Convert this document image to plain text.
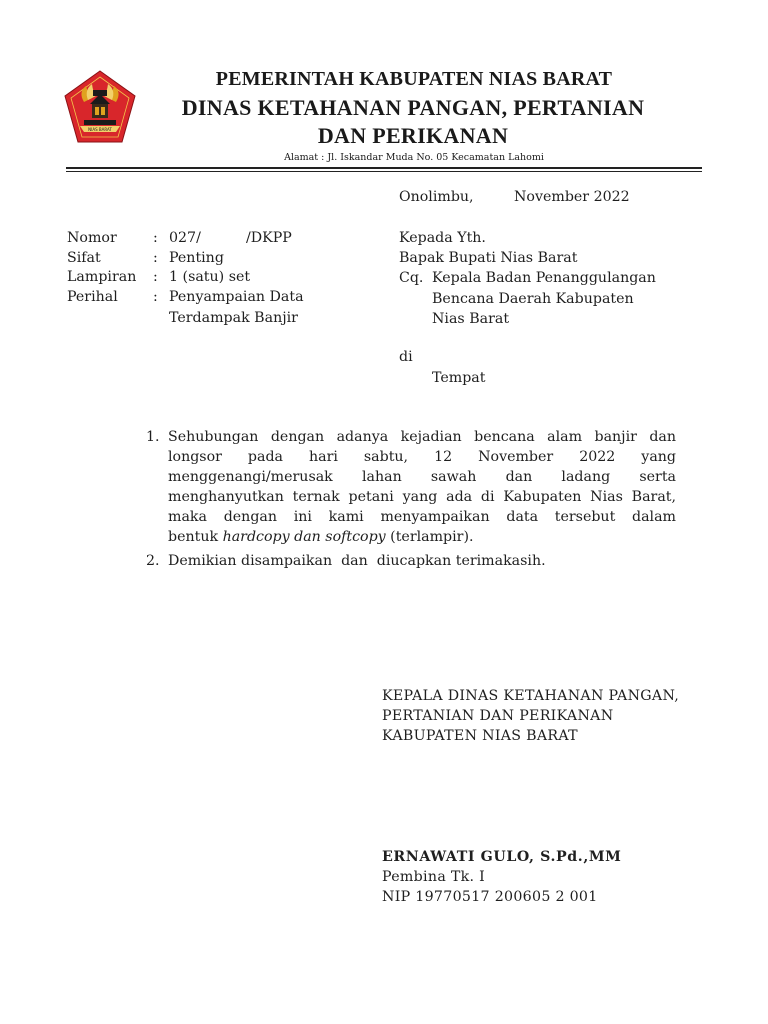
NIAS BARAT
PEMERINTAH KABUPATEN NIAS BARAT
DINAS KETAHANAN PANGAN, PERTANIAN
DAN PERIKANAN
Alamat : Jl. Iskandar Muda No. 05 Kecamatan Lahomi
Onolimbu,	November 2022
Nomor	: 027/          /DKPP
Sifat	: Penting
Lampiran	: 1 (satu) set
Perihal	: Penyampaian Data
Terdampak Banjir
Kepada Yth.
Bapak Bupati Nias Barat
Cq. Kepala Badan Penanggulangan
Bencana Daerah Kabupaten
Nias Barat
di
Tempat
1. Sehubungan dengan adanya kejadian bencana alam banjir dan
longsor pada hari sabtu, 12 November 2022 yang
menggenangi/merusak lahan sawah dan ladang serta
menghanyutkan ternak petani yang ada di Kabupaten Nias Barat,
maka dengan ini kami menyampaikan data tersebut dalam
bentuk hardcopy dan softcopy (terlampir).
2. Demikian disampaikan  dan  diucapkan terimakasih.
KEPALA DINAS KETAHANAN PANGAN,
PERTANIAN DAN PERIKANAN
KABUPATEN NIAS BARAT
ERNAWATI GULO, S.Pd.,MM
Pembina Tk. I
NIP 19770517 200605 2 001
